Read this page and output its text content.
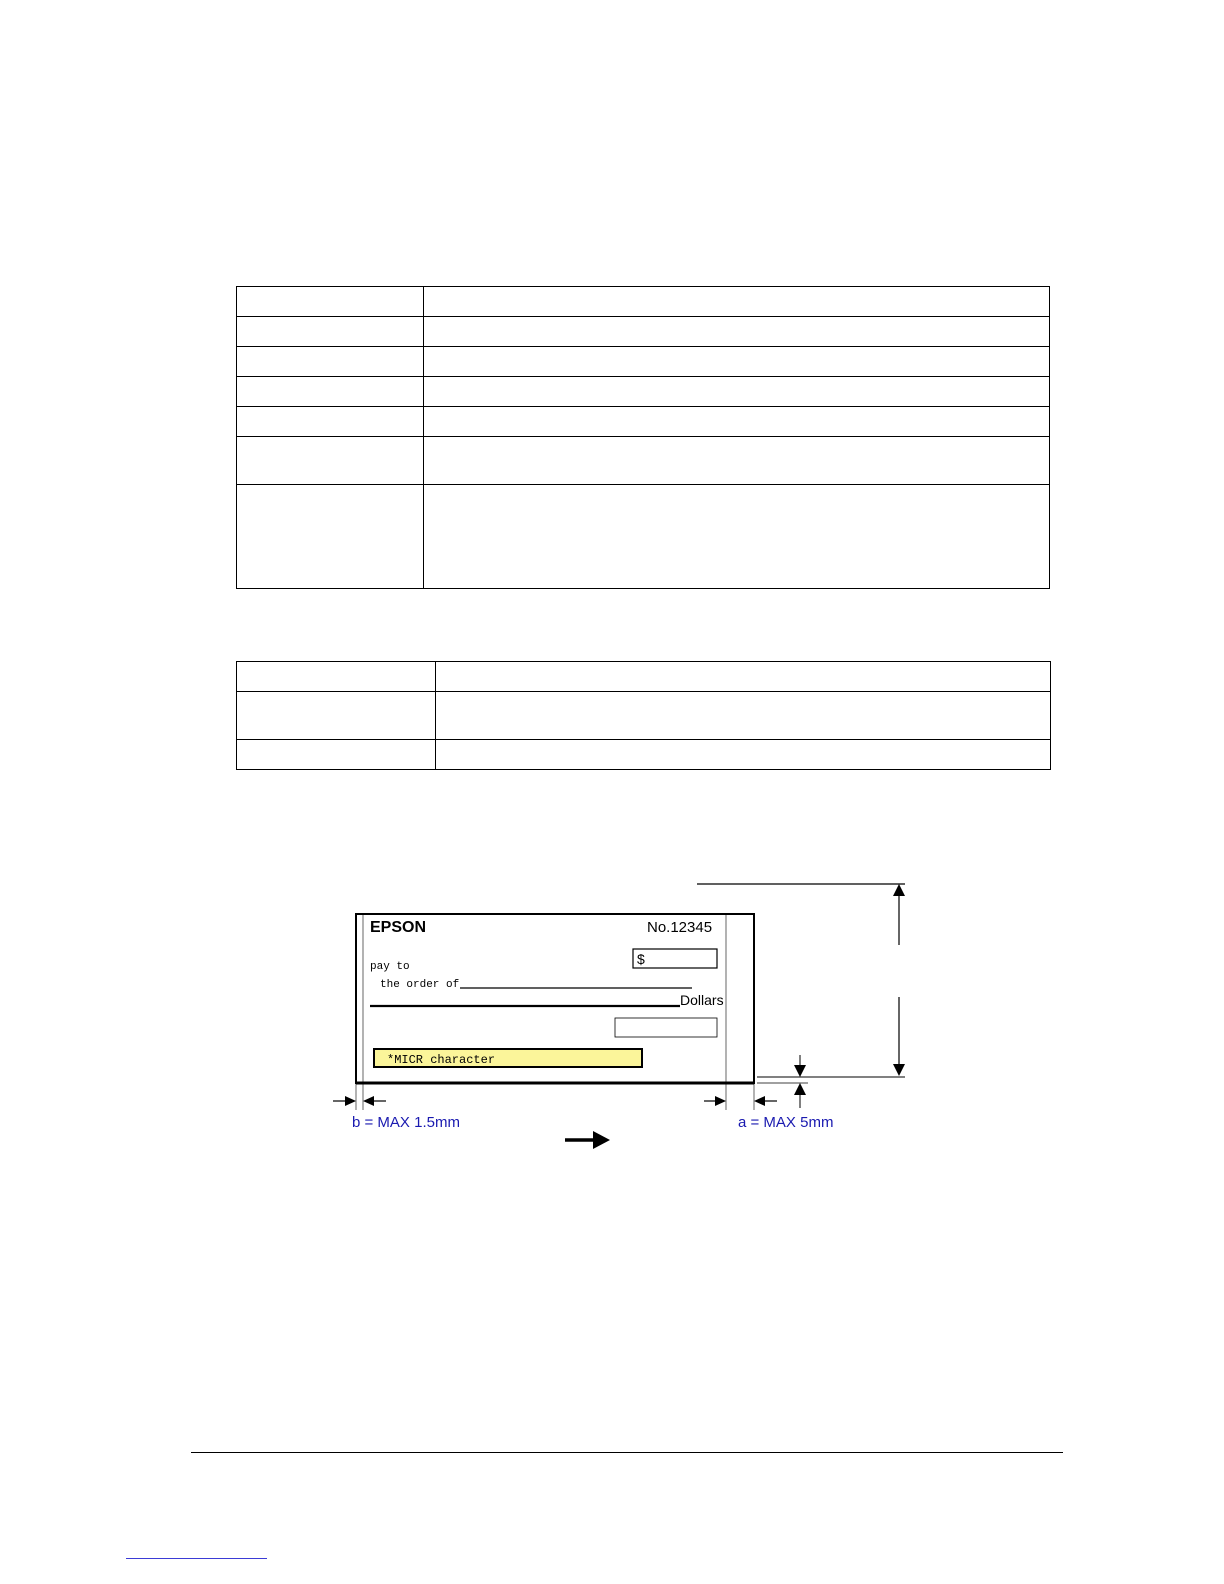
EPSON	No.12345
$
pay to
the order of
Dollars
*MICR character
b = MAX 1.5mm	a = MAX 5mm
